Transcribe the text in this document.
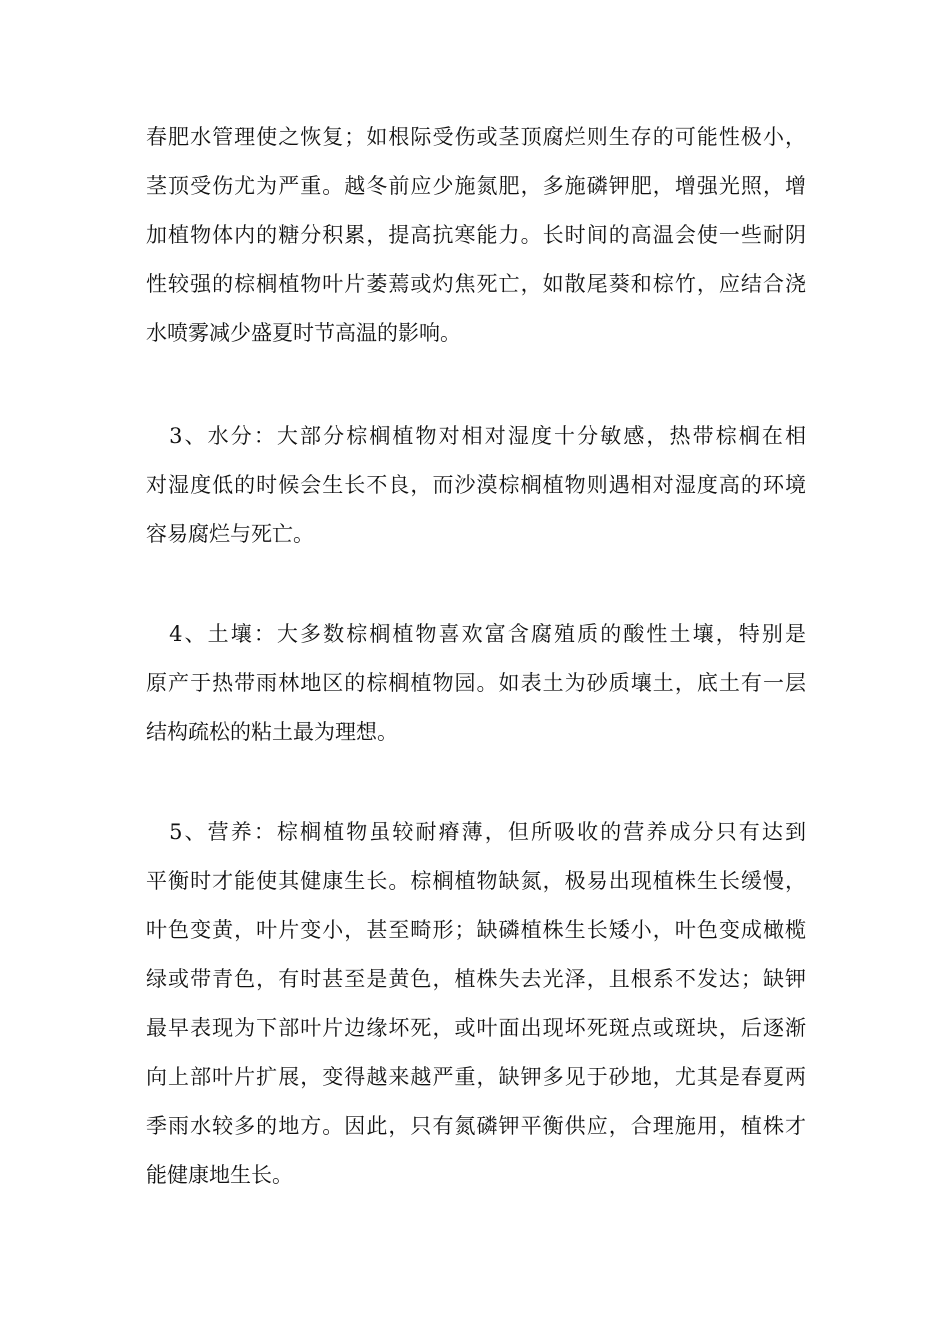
春肥水管理使之恢复；如根际受伤或茎顶腐烂则生存的可能性极小，

茎顶受伤尤为严重。越冬前应少施氮肥，多施磷钾肥，增强光照，增

加植物体内的糖分积累，提高抗寒能力。长时间的高温会使一些耐阴

性较强的棕榈植物叶片萎蔫或灼焦死亡，如散尾葵和棕竹，应结合浇

水喷雾减少盛夏时节高温的影响。

　3、水分：大部分棕榈植物对相对湿度十分敏感，热带棕榈在相

对湿度低的时候会生长不良，而沙漠棕榈植物则遇相对湿度高的环境

容易腐烂与死亡。

　4、土壤：大多数棕榈植物喜欢富含腐殖质的酸性土壤，特别是

原产于热带雨林地区的棕榈植物园。如表土为砂质壤土，底土有一层

结构疏松的粘土最为理想。

　5、营养：棕榈植物虽较耐瘠薄，但所吸收的营养成分只有达到

平衡时才能使其健康生长。棕榈植物缺氮，极易出现植株生长缓慢，

叶色变黄，叶片变小，甚至畸形；缺磷植株生长矮小，叶色变成橄榄

绿或带青色，有时甚至是黄色，植株失去光泽，且根系不发达；缺钾

最早表现为下部叶片边缘坏死，或叶面出现坏死斑点或斑块，后逐渐

向上部叶片扩展，变得越来越严重，缺钾多见于砂地，尤其是春夏两

季雨水较多的地方。因此，只有氮磷钾平衡供应，合理施用，植株才

能健康地生长。
